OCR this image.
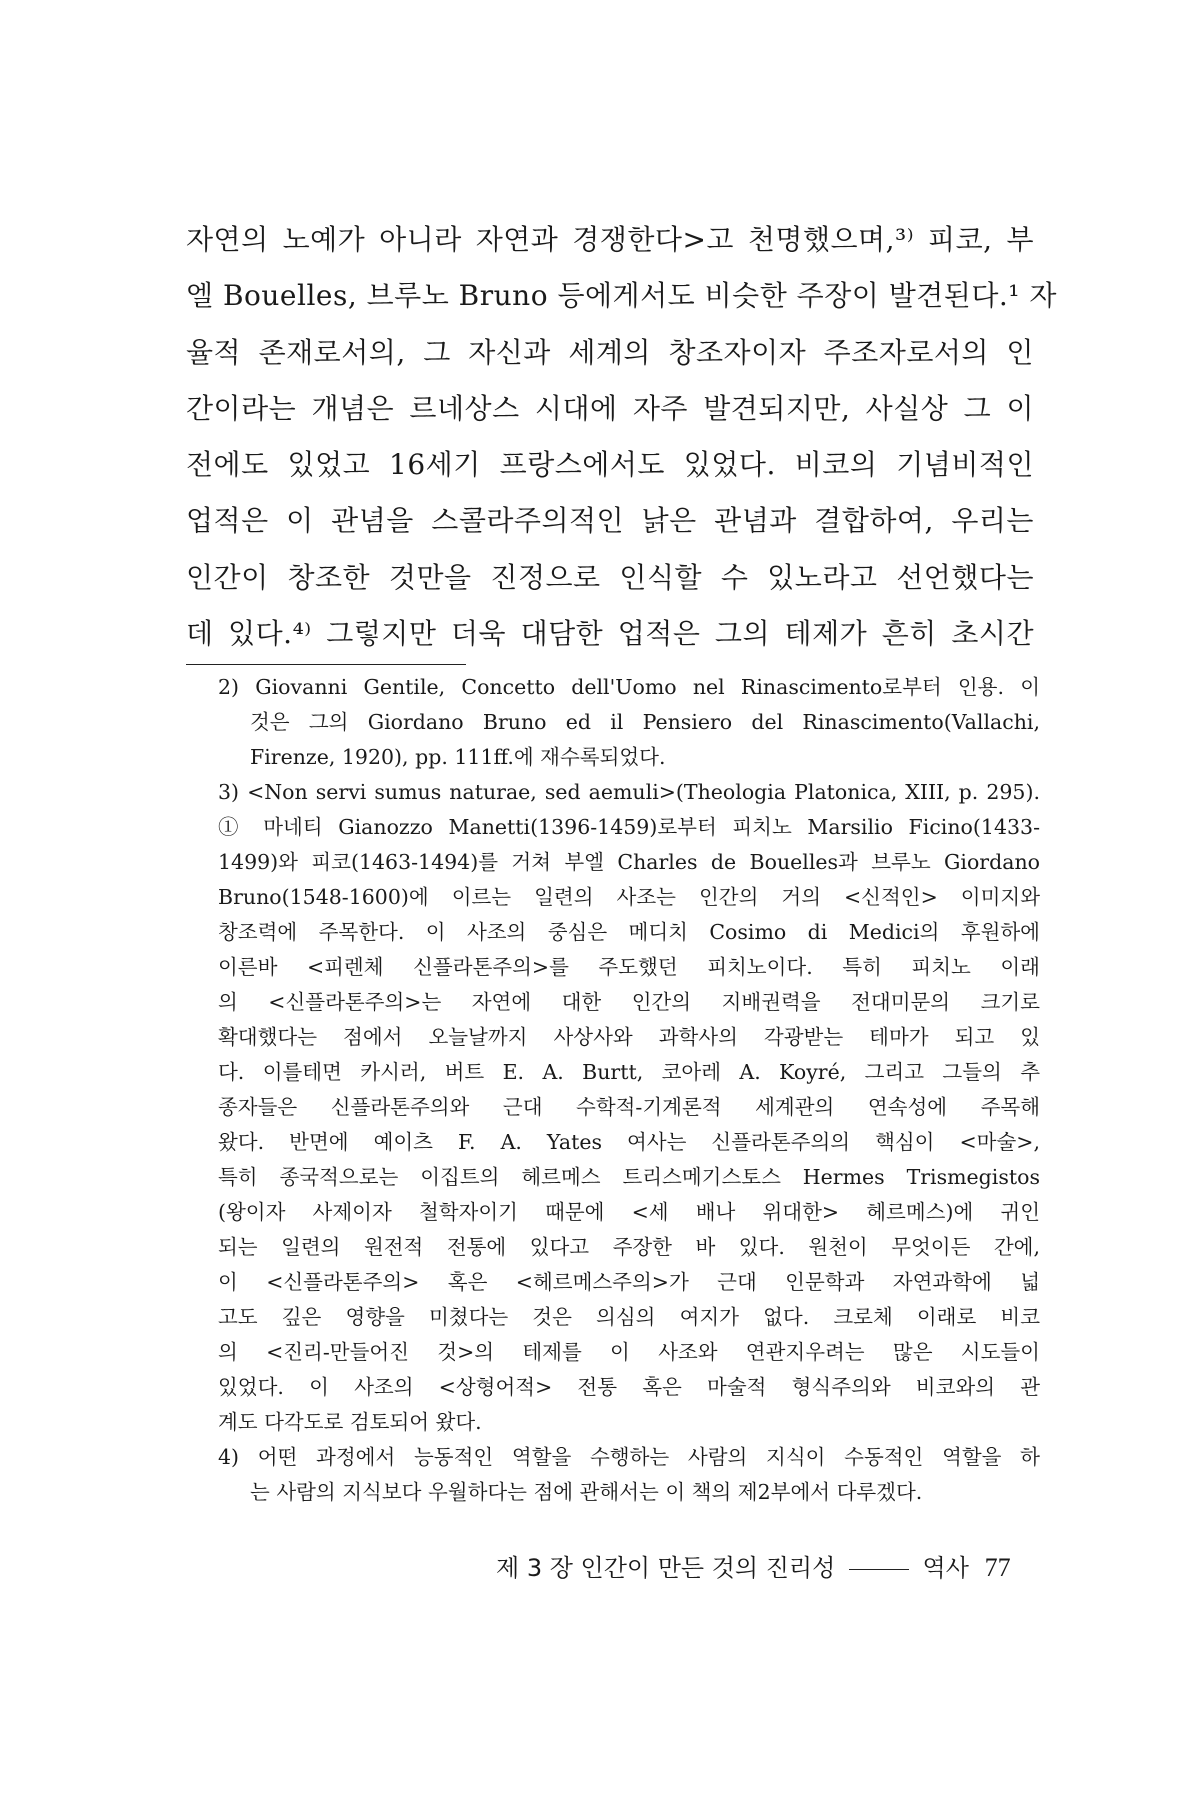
자연의 노예가 아니라 자연과 경쟁한다>고 천명했으며,³⁾ 피코, 부
엘 Bouelles, 브루노 Bruno 등에게서도 비슷한 주장이 발견된다.¹ 자
율적 존재로서의, 그 자신과 세계의 창조자이자 주조자로서의 인
간이라는 개념은 르네상스 시대에 자주 발견되지만, 사실상 그 이
전에도 있었고 16세기 프랑스에서도 있었다. 비코의 기념비적인
업적은 이 관념을 스콜라주의적인 낡은 관념과 결합하여, 우리는
인간이 창조한 것만을 진정으로 인식할 수 있노라고 선언했다는
데 있다.⁴⁾ 그렇지만 더욱 대담한 업적은 그의 테제가 흔히 초시간
2) Giovanni Gentile, Concetto dell'Uomo nel Rinascimento로부터 인용. 이
것은 그의 Giordano Bruno ed il Pensiero del Rinascimento(Vallachi,
Firenze, 1920), pp. 111ff.에 재수록되었다.
3) <Non servi sumus naturae, sed aemuli>(Theologia Platonica, XIII, p. 295).
① 마네티 Gianozzo Manetti(1396-1459)로부터 피치노 Marsilio Ficino(1433-
1499)와 피코(1463-1494)를 거쳐 부엘 Charles de Bouelles과 브루노 Giordano
Bruno(1548-1600)에 이르는 일련의 사조는 인간의 거의 <신적인> 이미지와
창조력에 주목한다. 이 사조의 중심은 메디치 Cosimo di Medici의 후원하에
이른바 <피렌체 신플라톤주의>를 주도했던 피치노이다. 특히 피치노 이래
의 <신플라톤주의>는 자연에 대한 인간의 지배권력을 전대미문의 크기로
확대했다는 점에서 오늘날까지 사상사와 과학사의 각광받는 테마가 되고 있
다. 이를테면 카시러, 버트 E. A. Burtt, 코아레 A. Koyré, 그리고 그들의 추
종자들은 신플라톤주의와 근대 수학적-기계론적 세계관의 연속성에 주목해
왔다. 반면에 예이츠 F. A. Yates 여사는 신플라톤주의의 핵심이 <마술>,
특히 종국적으로는 이집트의 헤르메스 트리스메기스토스 Hermes Trismegistos
(왕이자 사제이자 철학자이기 때문에 <세 배나 위대한> 헤르메스)에 귀인
되는 일련의 원전적 전통에 있다고 주장한 바 있다. 원천이 무엇이든 간에,
이 <신플라톤주의> 혹은 <헤르메스주의>가 근대 인문학과 자연과학에 넓
고도 깊은 영향을 미쳤다는 것은 의심의 여지가 없다. 크로체 이래로 비코
의 <진리-만들어진 것>의 테제를 이 사조와 연관지우려는 많은 시도들이
있었다. 이 사조의 <상형어적> 전통 혹은 마술적 형식주의와 비코와의 관
계도 다각도로 검토되어 왔다.
4) 어떤 과정에서 능동적인 역할을 수행하는 사람의 지식이 수동적인 역할을 하
는 사람의 지식보다 우월하다는 점에 관해서는 이 책의 제2부에서 다루겠다.
제 3 장 인간이 만든 것의 진리성	역사 77
